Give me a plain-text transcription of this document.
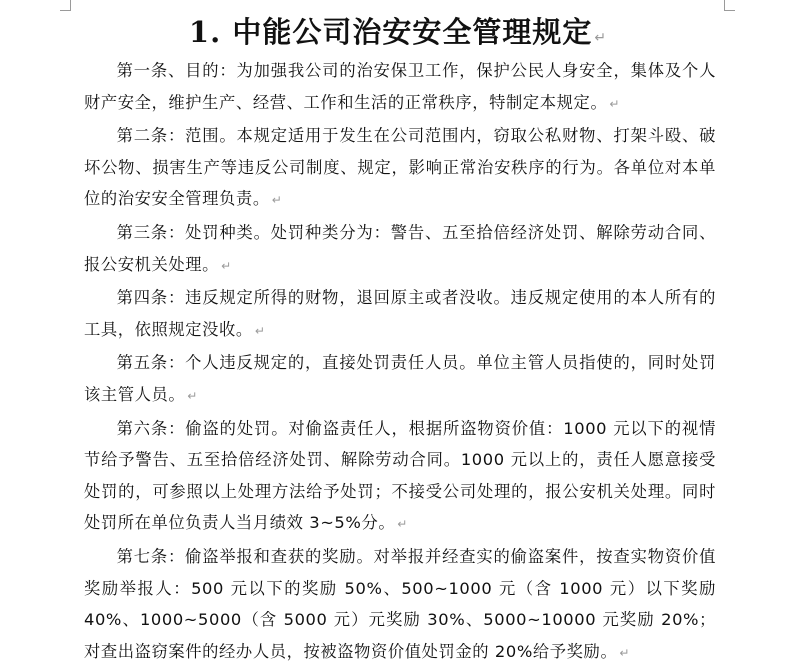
1. 中能公司治安安全管理规定 ↵

第一条、目的：为加强我公司的治安保卫工作，保护公民人身安全，集体及个人财产安全，维护生产、经营、工作和生活的正常秩序，特制定本规定。 ↵

第二条：范围。本规定适用于发生在公司范围内，窃取公私财物、打架斗殴、破坏公物、损害生产等违反公司制度、规定，影响正常治安秩序的行为。各单位对本单位的治安安全管理负责。 ↵

第三条：处罚种类。处罚种类分为：警告、五至拾倍经济处罚、解除劳动合同、报公安机关处理。 ↵

第四条：违反规定所得的财物，退回原主或者没收。违反规定使用的本人所有的工具，依照规定没收。 ↵

第五条：个人违反规定的，直接处罚责任人员。单位主管人员指使的，同时处罚该主管人员。 ↵

第六条：偷盗的处罚。对偷盗责任人，根据所盗物资价值：1000 元以下的视情节给予警告、五至拾倍经济处罚、解除劳动合同。1000 元以上的，责任人愿意接受处罚的，可参照以上处理方法给予处罚；不接受公司处理的，报公安机关处理。同时处罚所在单位负责人当月绩效 3~5%分。 ↵

第七条：偷盗举报和查获的奖励。对举报并经查实的偷盗案件，按查实物资价值奖励举报人：500 元以下的奖励 50%、500~1000 元（含 1000 元）以下奖励 40%、1000~5000（含 5000 元）元奖励 30%、5000~10000 元奖励 20%；对查出盗窃案件的经办人员，按被盗物资价值处罚金的 20%给予奖励。 ↵
